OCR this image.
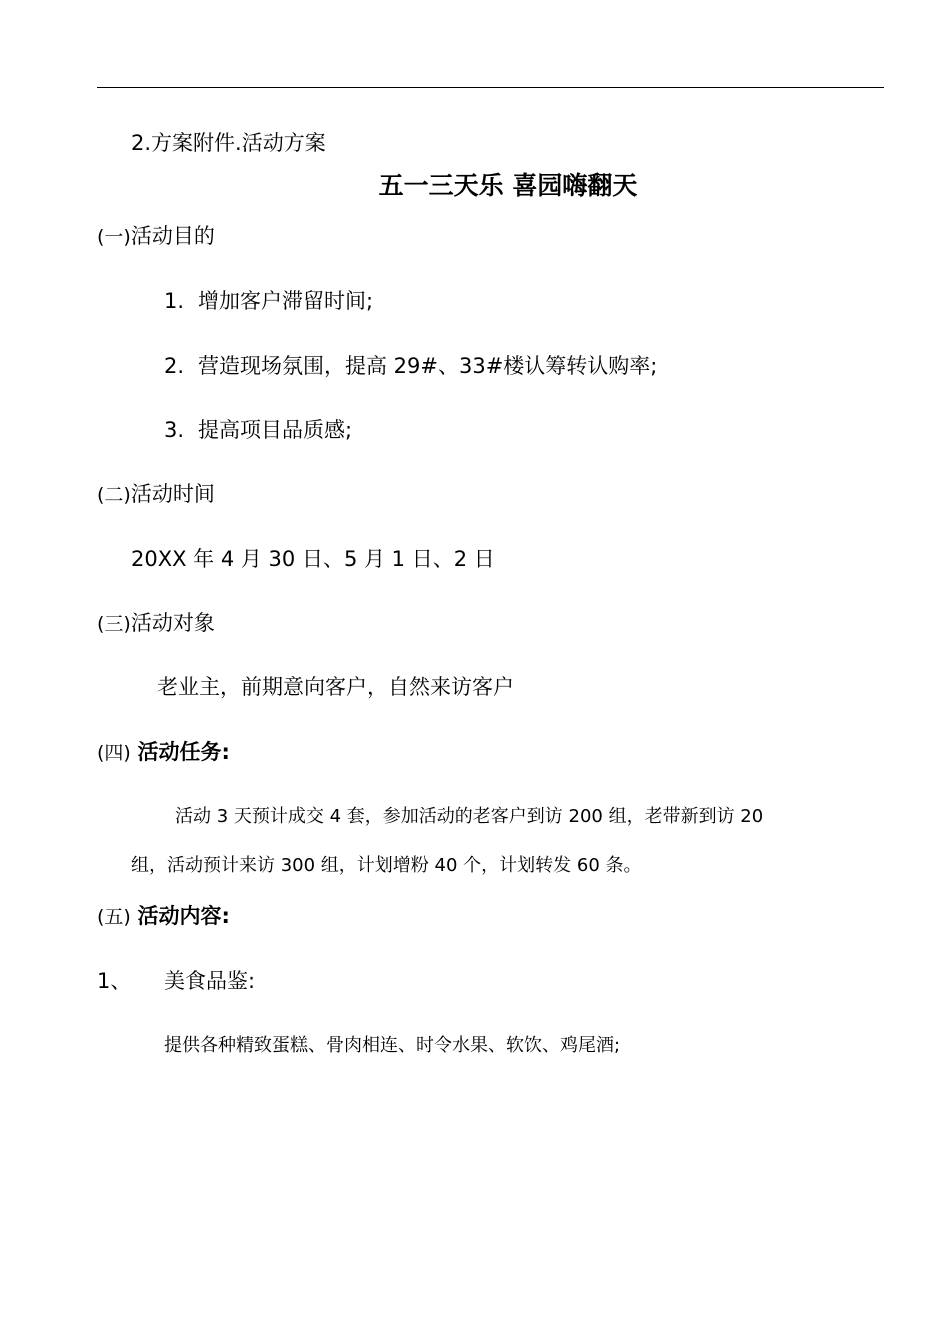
2.方案附件.活动方案
五一三天乐 喜园嗨翻天
(一)活动目的
1. 增加客户滞留时间;
2. 营造现场氛围，提高 29#、33#楼认筹转认购率;
3. 提高项目品质感;
(二)活动时间
20XX 年 4 月 30 日、5 月 1 日、2 日
(三)活动对象
老业主，前期意向客户，自然来访客户
(四) 活动任务:
活动 3 天预计成交 4 套，参加活动的老客户到访 200 组，老带新到访 20
组，活动预计来访 300 组，计划增粉 40 个，计划转发 60 条。
(五) 活动内容:
1、 美食品鉴:
提供各种精致蛋糕、骨肉相连、时令水果、软饮、鸡尾酒;
